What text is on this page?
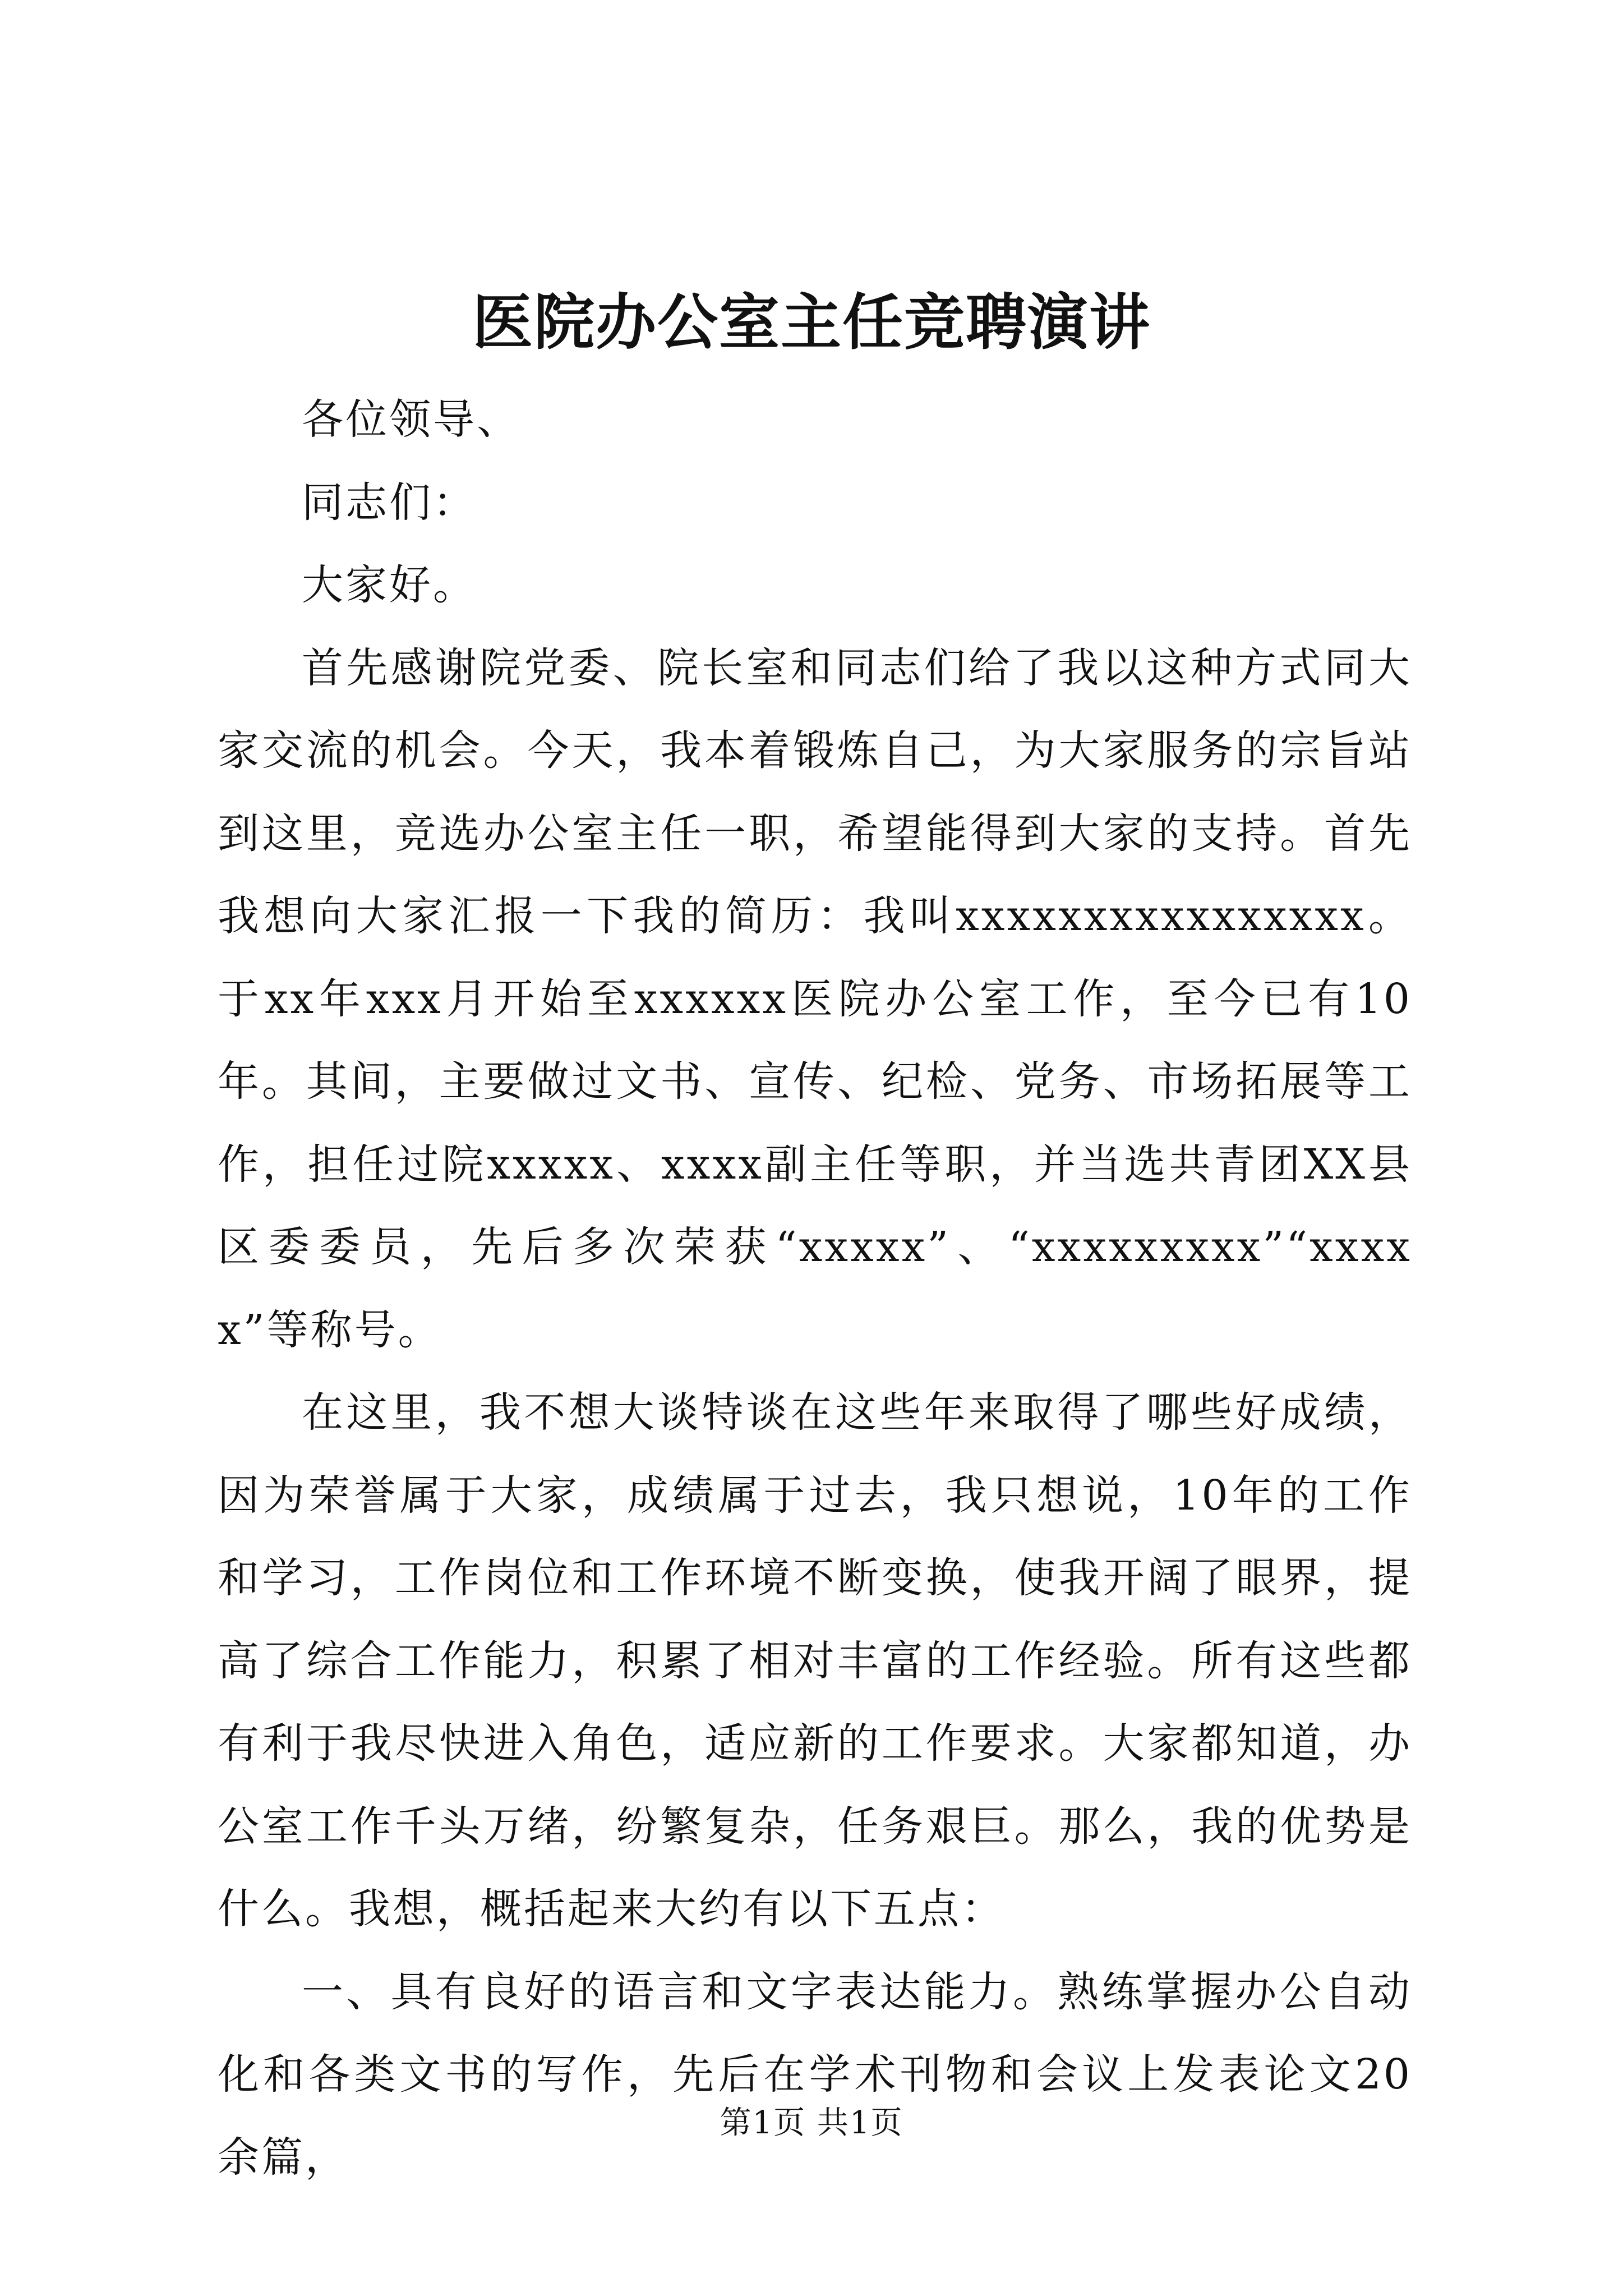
医院办公室主任竞聘演讲

各位领导、

同志们：

大家好。

首先感谢院党委、院长室和同志们给了我以这种方式同大家交流的机会。今天，我本着锻炼自己，为大家服务的宗旨站到这里，竞选办公室主任一职，希望能得到大家的支持。首先我想向大家汇报一下我的简历：我叫xxxxxxxxxxxxxxxx。于xx年xxx月开始至xxxxxx医院办公室工作，至今已有10年。其间，主要做过文书、宣传、纪检、党务、市场拓展等工作，担任过院xxxxx、xxxx副主任等职，并当选共青团XX县区委委员，先后多次荣获“xxxxx”、“xxxxxxxxx”“xxxxx”等称号。

在这里，我不想大谈特谈在这些年来取得了哪些好成绩，因为荣誉属于大家，成绩属于过去，我只想说，10年的工作和学习，工作岗位和工作环境不断变换，使我开阔了眼界，提高了综合工作能力，积累了相对丰富的工作经验。所有这些都有利于我尽快进入角色，适应新的工作要求。大家都知道，办公室工作千头万绪，纷繁复杂，任务艰巨。那么，我的优势是什么。我想，概括起来大约有以下五点：

一、具有良好的语言和文字表达能力。熟练掌握办公自动化和各类文书的写作，先后在学术刊物和会议上发表论文20余篇，

第1页 共1页
